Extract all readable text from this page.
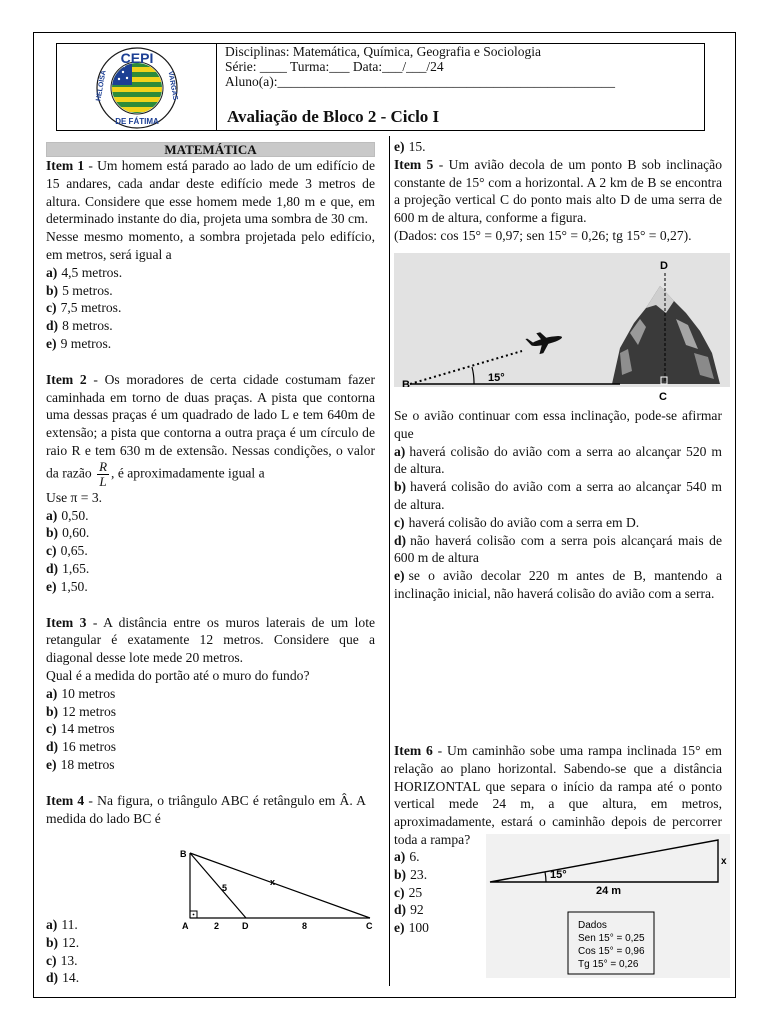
CEPI
HELOÍSA	VARGAS
DE FÁTIMA
Disciplinas: Matemática, Química, Geografia e Sociologia
Série: ____ Turma:___ Data:___/___/24
Aluno(a):__________________________________________________
Avaliação de Bloco 2 - Ciclo I
MATEMÁTICA

Item 1 - Um homem está parado ao lado de um edifício de 15 andares, cada andar deste edifício mede 3 metros de altura. Considere que esse homem mede 1,80 m e que, em determinado instante do dia, projeta uma sombra de 30 cm.

Nesse mesmo momento, a sombra projetada pelo edifício, em metros, será igual a

a) 4,5 metros.

b) 5 metros.

c) 7,5 metros.

d) 8 metros.

e) 9 metros.

Item 2 - Os moradores de certa cidade costumam fazer caminhada em torno de duas praças. A pista que contorna uma dessas praças é um quadrado de lado L e tem 640m de extensão; a pista que contorna a outra praça é um círculo de raio R e tem 630 m de extensão. Nessas condições, o valor da razão $\frac{R}{L}$ , é aproximadamente igual a

Use π = 3.

a) 0,50.

b) 0,60.

c) 0,65.

d) 1,65.

e) 1,50.

Item 3 - A distância entre os muros laterais de um lote retangular é exatamente 12 metros. Considere que a diagonal desse lote mede 20 metros.

Qual é a medida do portão até o muro do fundo?

a) 10 metros

b) 12 metros

c) 14 metros

d) 16 metros

e) 18 metros

Item 4 - Na figura, o triângulo ABC é retângulo em Â. A medida do lado BC é

B
A	D	C
5
x
2	8

a) 11.

b) 12.

c) 13.

d) 14.

e) 15.

Item 5 - Um avião decola de um ponto B sob inclinação constante de 15° com a horizontal. A 2 km de B se encontra a projeção vertical C do ponto mais alto D de uma serra de 600 m de altura, conforme a figura.

(Dados: cos 15° = 0,97; sen 15° = 0,26; tg 15° = 0,27).

B
D
15°
C

Se o avião continuar com essa inclinação, pode-se afirmar que

a) haverá colisão do avião com a serra ao alcançar 520 m de altura.

b) haverá colisão do avião com a serra ao alcançar 540 m de altura.

c) haverá colisão do avião com a serra em D.

d) não haverá colisão com a serra pois alcançará mais de 600 m de altura

e) se o avião decolar 220 m antes de B, mantendo a inclinação inicial, não haverá colisão do avião com a serra.

Item 6 - Um caminhão sobe uma rampa inclinada 15° em relação ao plano horizontal. Sabendo-se que a distância HORIZONTAL que separa o início da rampa até o ponto vertical mede 24 m, a que altura, em metros, aproximadamente, estará o caminhão depois de percorrer toda a rampa?

a) 6.

b) 23.

c) 25

d) 92

e) 100

15°
24 m
x
Dados
Sen 15° = 0,25
Cos 15° = 0,96
Tg 15° = 0,26
